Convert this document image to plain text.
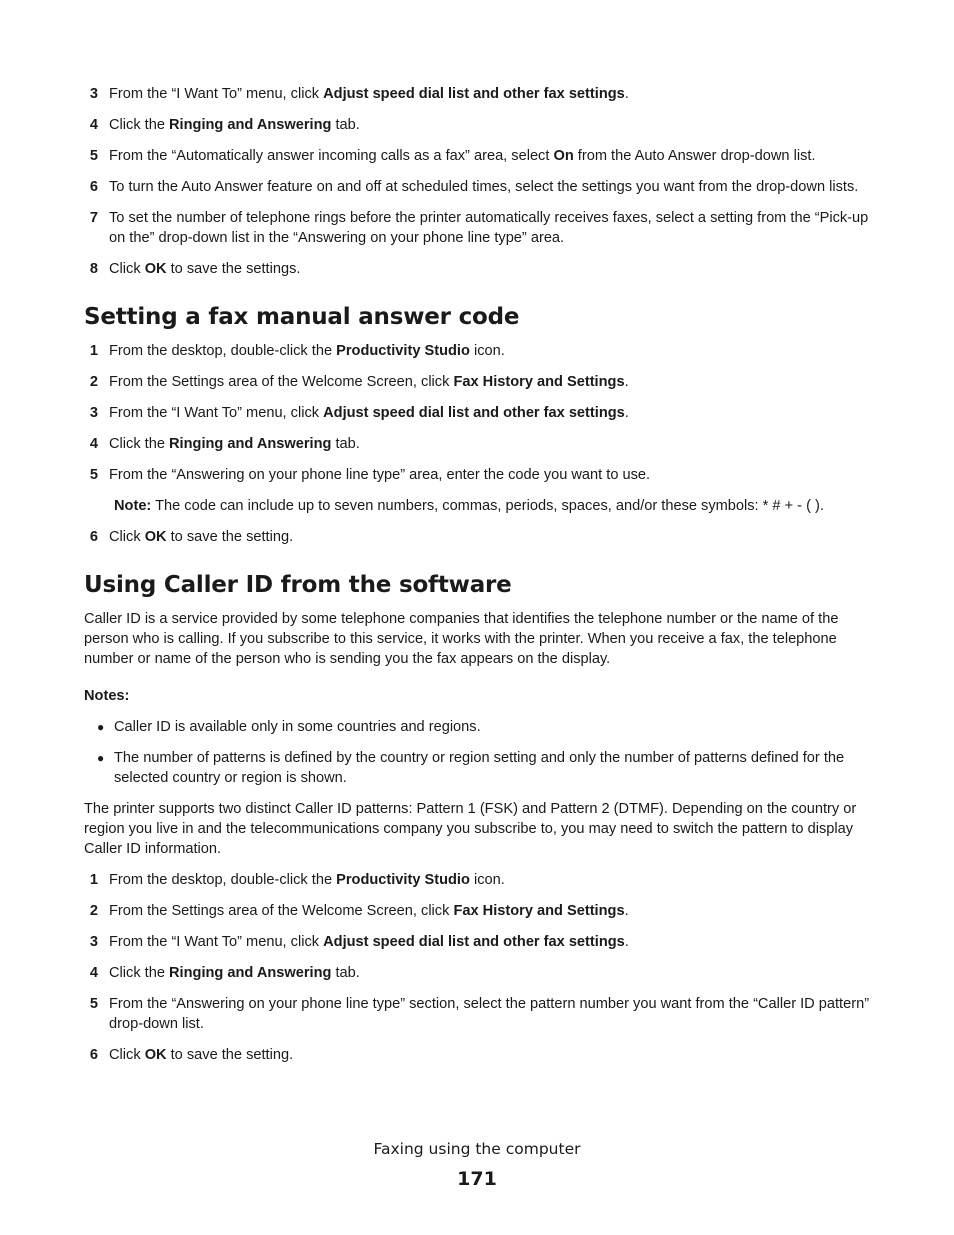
3 From the “I Want To” menu, click Adjust speed dial list and other fax settings.
4 Click the Ringing and Answering tab.
5 From the “Automatically answer incoming calls as a fax” area, select On from the Auto Answer drop-down list.
6 To turn the Auto Answer feature on and off at scheduled times, select the settings you want from the drop-down lists.
7 To set the number of telephone rings before the printer automatically receives faxes, select a setting from the “Pick-up on the” drop-down list in the “Answering on your phone line type” area.
8 Click OK to save the settings.
Setting a fax manual answer code
1 From the desktop, double-click the Productivity Studio icon.
2 From the Settings area of the Welcome Screen, click Fax History and Settings.
3 From the “I Want To” menu, click Adjust speed dial list and other fax settings.
4 Click the Ringing and Answering tab.
5 From the “Answering on your phone line type” area, enter the code you want to use.
Note: The code can include up to seven numbers, commas, periods, spaces, and/or these symbols: * # + - ( ).
6 Click OK to save the setting.
Using Caller ID from the software

Caller ID is a service provided by some telephone companies that identifies the telephone number or the name of the person who is calling. If you subscribe to this service, it works with the printer. When you receive a fax, the telephone number or name of the person who is sending you the fax appears on the display.

Notes:
● Caller ID is available only in some countries and regions.
● The number of patterns is defined by the country or region setting and only the number of patterns defined for the selected country or region is shown.

The printer supports two distinct Caller ID patterns: Pattern 1 (FSK) and Pattern 2 (DTMF). Depending on the country or region you live in and the telecommunications company you subscribe to, you may need to switch the pattern to display Caller ID information.

1 From the desktop, double-click the Productivity Studio icon.
2 From the Settings area of the Welcome Screen, click Fax History and Settings.
3 From the “I Want To” menu, click Adjust speed dial list and other fax settings.
4 Click the Ringing and Answering tab.
5 From the “Answering on your phone line type” section, select the pattern number you want from the “Caller ID pattern” drop-down list.
6 Click OK to save the setting.
Faxing using the computer
171
